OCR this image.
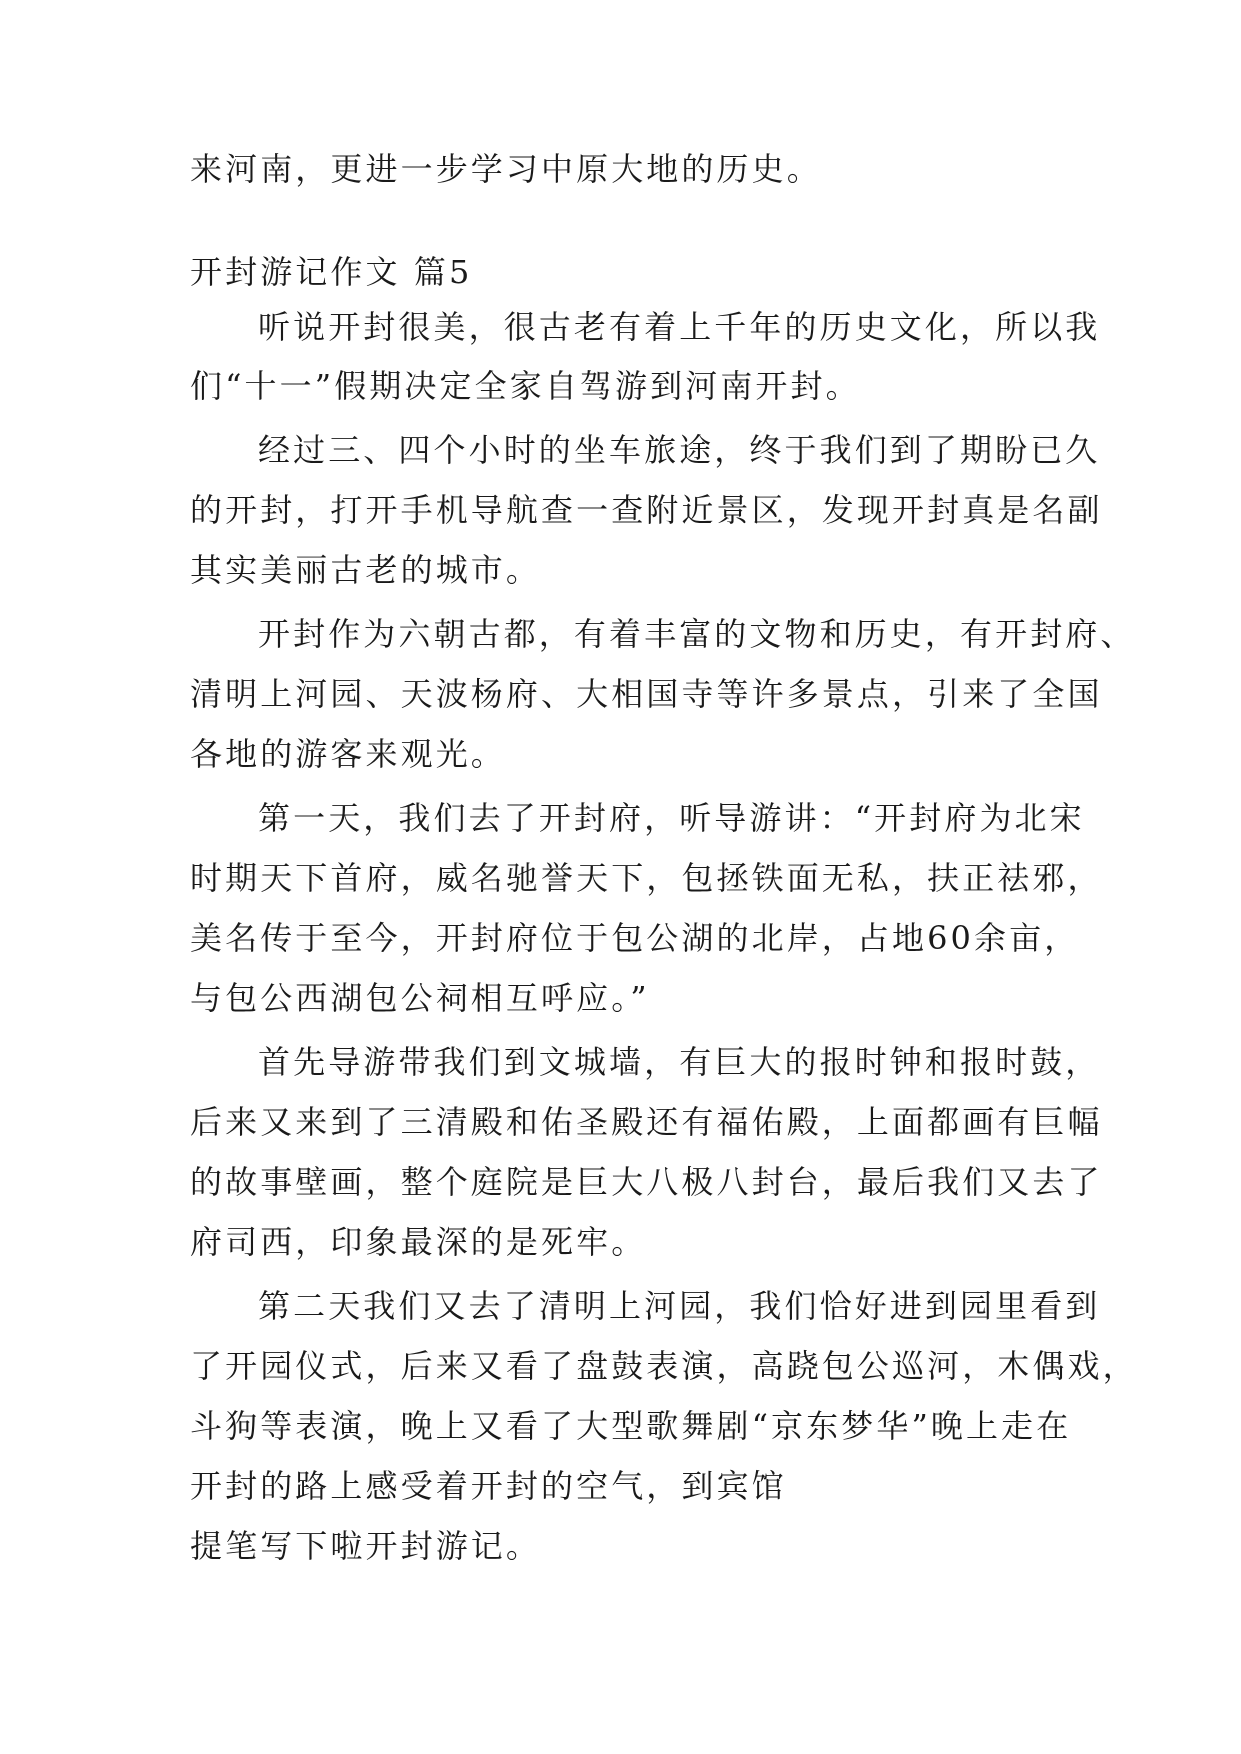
来河南，更进一步学习中原大地的历史。
开封游记作文 篇5
听说开封很美，很古老有着上千年的历史文化，所以我
们“十一”假期决定全家自驾游到河南开封。
经过三、四个小时的坐车旅途，终于我们到了期盼已久
的开封，打开手机导航查一查附近景区，发现开封真是名副
其实美丽古老的城市。
开封作为六朝古都，有着丰富的文物和历史，有开封府、
清明上河园、天波杨府、大相国寺等许多景点，引来了全国
各地的游客来观光。
第一天，我们去了开封府，听导游讲：“开封府为北宋
时期天下首府，威名驰誉天下，包拯铁面无私，扶正祛邪，
美名传于至今，开封府位于包公湖的北岸，占地60余亩，
与包公西湖包公祠相互呼应。”
首先导游带我们到文城墙，有巨大的报时钟和报时鼓，
后来又来到了三清殿和佑圣殿还有福佑殿，上面都画有巨幅
的故事壁画，整个庭院是巨大八极八封台，最后我们又去了
府司西，印象最深的是死牢。
第二天我们又去了清明上河园，我们恰好进到园里看到
了开园仪式，后来又看了盘鼓表演，高跷包公巡河，木偶戏，
斗狗等表演，晚上又看了大型歌舞剧“京东梦华”晚上走在
开封的路上感受着开封的空气，到宾馆
提笔写下啦开封游记。
